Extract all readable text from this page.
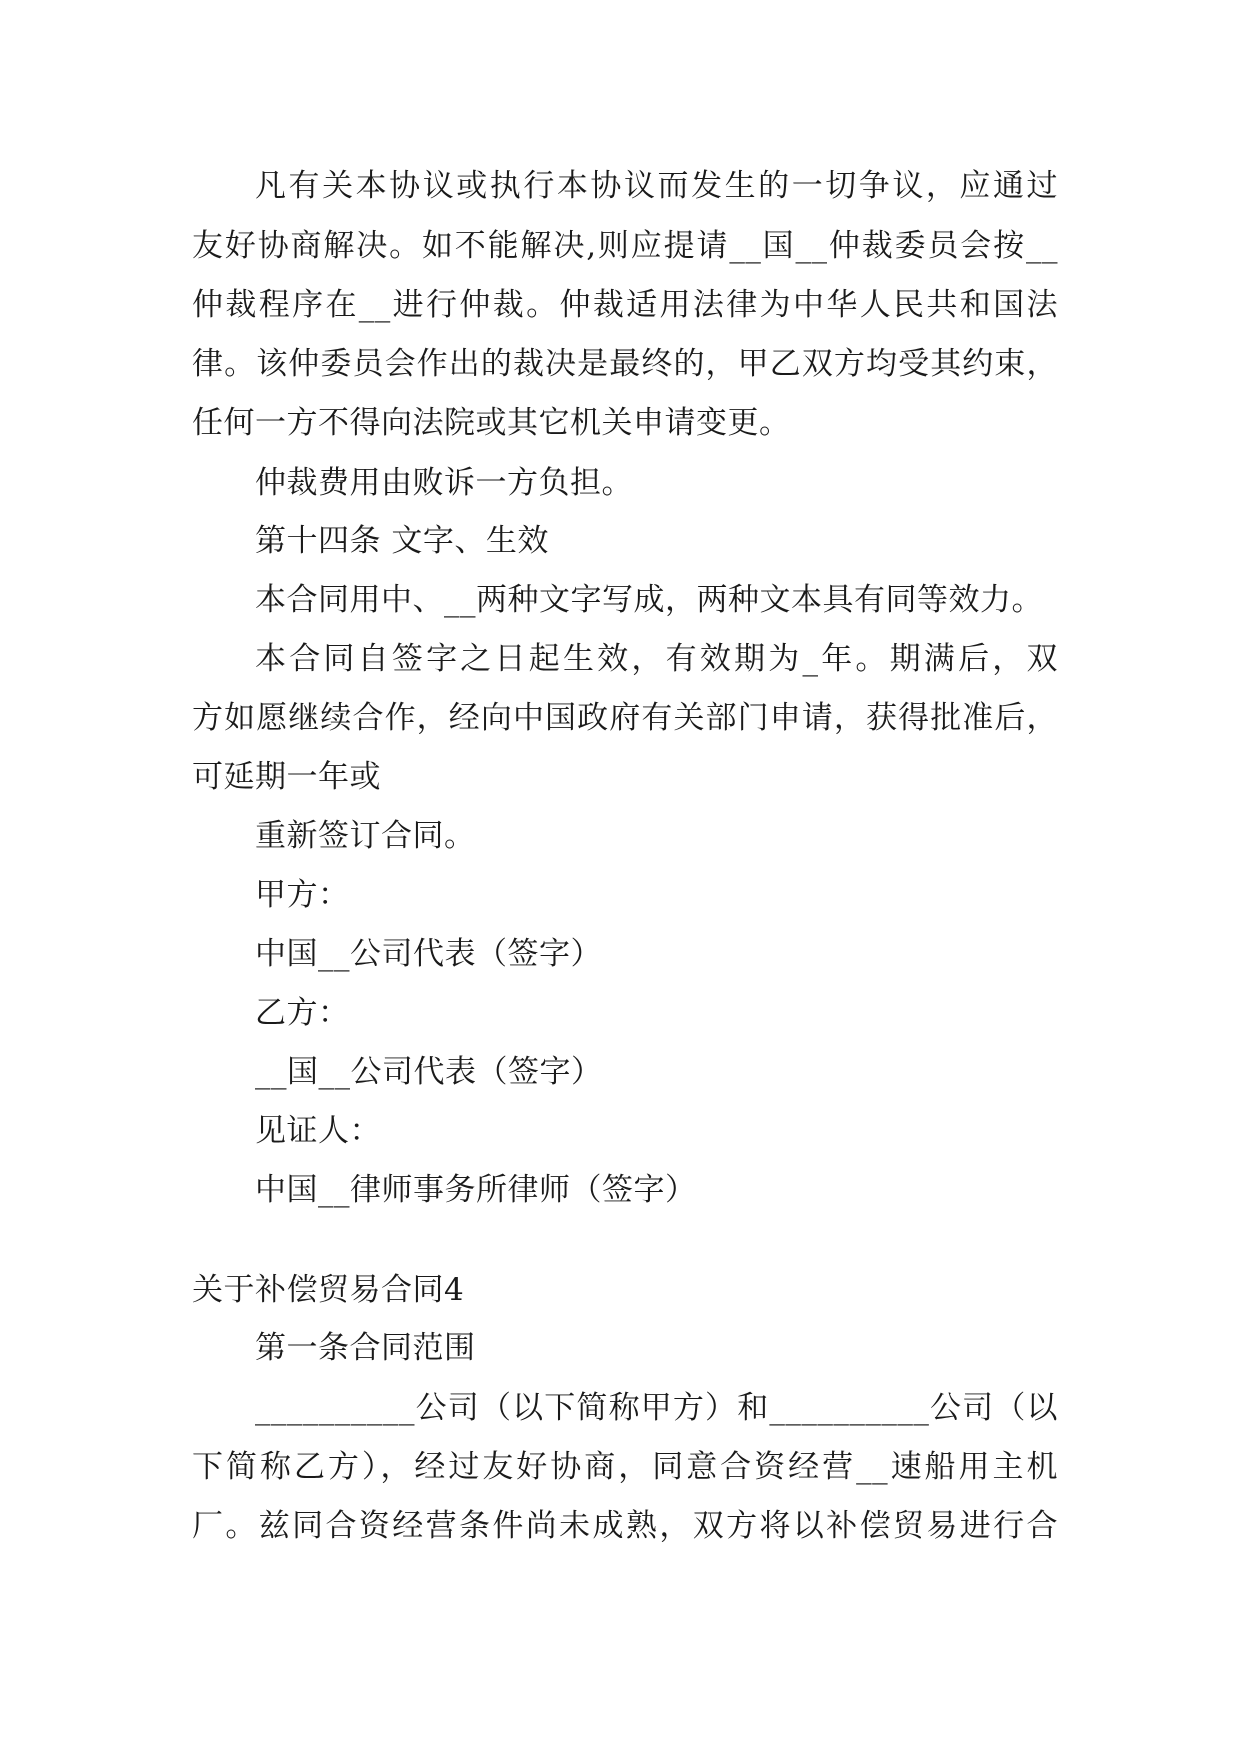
凡有关本协议或执行本协议而发生的一切争议，应通过
友好协商解决。如不能解决,则应提请__国__仲裁委员会按__
仲裁程序在__进行仲裁。仲裁适用法律为中华人民共和国法
律。该仲委员会作出的裁决是最终的，甲乙双方均受其约束，
任何一方不得向法院或其它机关申请变更。
仲裁费用由败诉一方负担。
第十四条 文字、生效
本合同用中、__两种文字写成，两种文本具有同等效力。
本合同自签字之日起生效，有效期为_年。期满后，双
方如愿继续合作，经向中国政府有关部门申请，获得批准后，
可延期一年或
重新签订合同。
甲方：
中国__公司代表（签字）
乙方：
__国__公司代表（签字）
见证人：
中国__律师事务所律师（签字）
关于补偿贸易合同4
第一条合同范围
__________公司（以下简称甲方）和__________公司（以
下简称乙方），经过友好协商，同意合资经营__速船用主机
厂。兹同合资经营条件尚未成熟，双方将以补偿贸易进行合
